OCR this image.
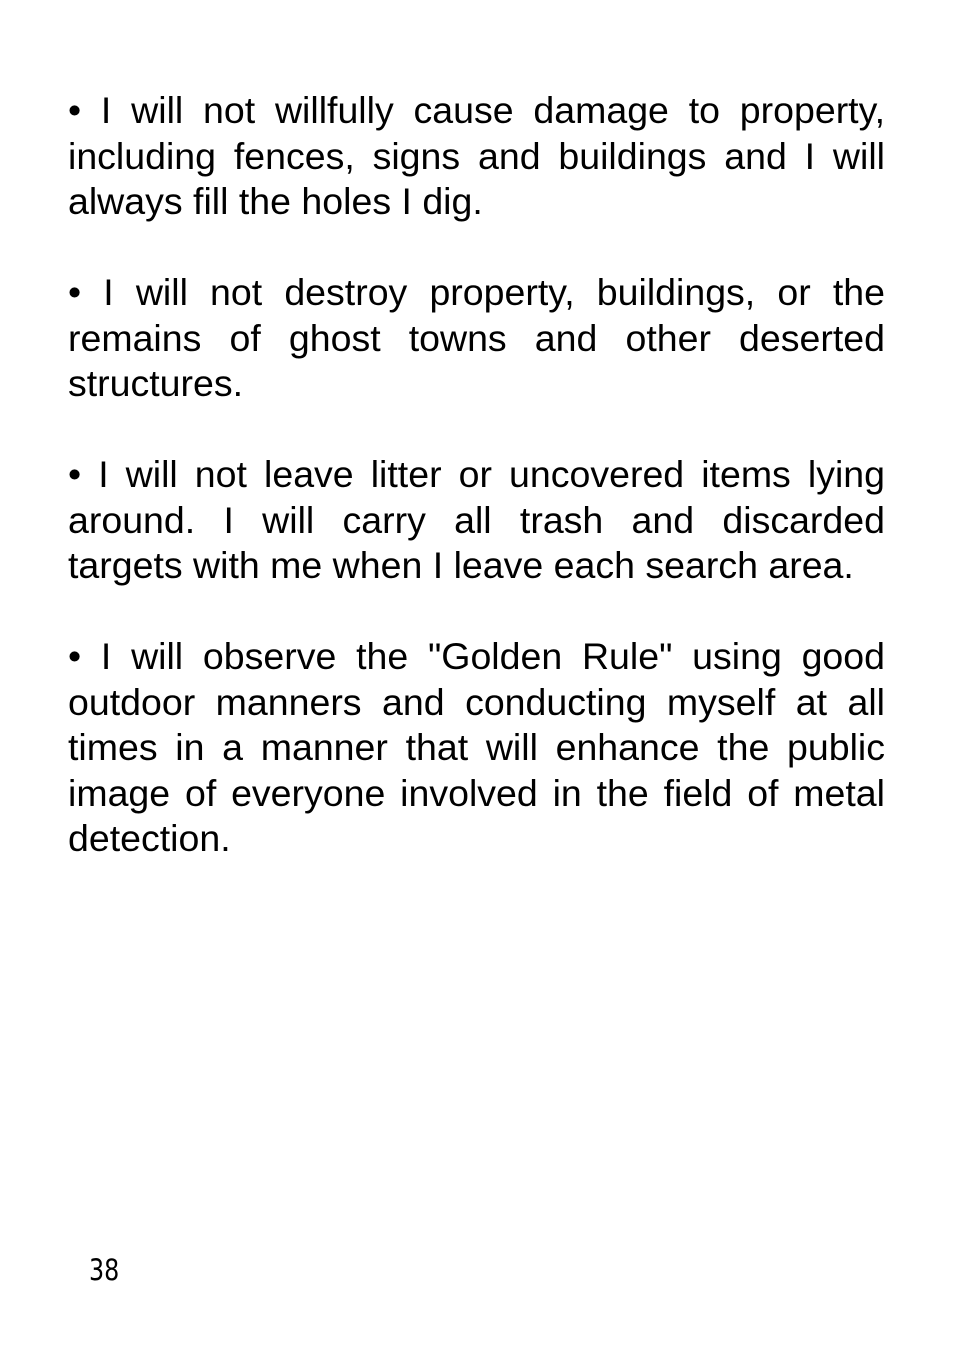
• I will not willfully cause damage to property, including fences, signs and buildings and I will always fill the holes I dig.

• I will not destroy property, buildings, or the remains of ghost towns and other deserted structures.

• I will not leave litter or uncovered items lying around. I will carry all trash and discarded targets with me when I leave each search area.

• I will observe the "Golden Rule" using good outdoor manners and conducting myself at all times in a manner that will enhance the public image of everyone involved in the field of metal detection.

38
